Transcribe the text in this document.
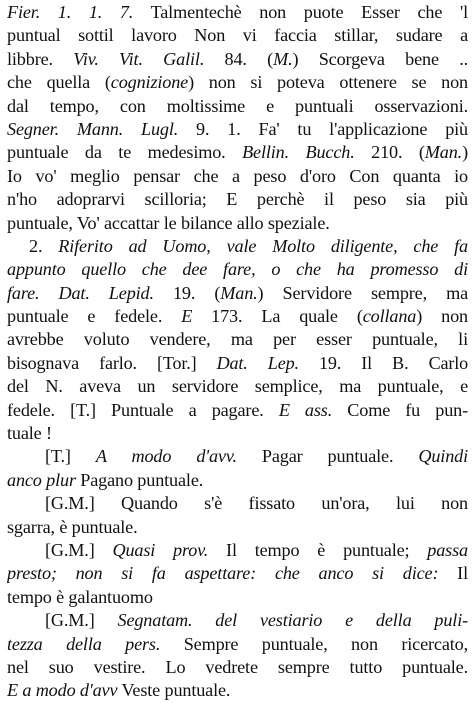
Fier. 1. 1. 7. Talmentechè non puote Esser che 'l
puntual sottil lavoro Non vi faccia stillar, sudare a
libbre. Viv. Vit. Galil. 84. (M.) Scorgeva bene ..
che quella (cognizione) non si poteva ottenere se non
dal tempo, con moltissime e puntuali osservazioni.
Segner. Mann. Lugl. 9. 1. Fa' tu l'applicazione più
puntuale da te medesimo. Bellin. Bucch. 210. (Man.)
Io vo' meglio pensar che a peso d'oro Con quanta io
n'ho adoprarvi scilloria; E perchè il peso sia più
puntuale, Vo' accattar le bilance allo speziale.
2. Riferito ad Uomo, vale Molto diligente, che fa
appunto quello che dee fare, o che ha promesso di
fare. Dat. Lepid. 19. (Man.) Servidore sempre, ma
puntuale e fedele. E 173. La quale (collana) non
avrebbe voluto vendere, ma per esser puntuale, li
bisognava farlo. [Tor.] Dat. Lep. 19. Il B. Carlo
del N. aveva un servidore semplice, ma puntuale, e
fedele. [T.] Puntuale a pagare. E ass. Come fu pun-
tuale !
[T.] A modo d'avv. Pagar puntuale. Quindi
anco plur Pagano puntuale.
[G.M.] Quando s'è fissato un'ora, lui non
sgarra, è puntuale.
[G.M.] Quasi prov. Il tempo è puntuale; passa
presto; non si fa aspettare: che anco si dice: Il
tempo è galantuomo
[G.M.] Segnatam. del vestiario e della puli-
tezza della pers. Sempre puntuale, non ricercato,
nel suo vestire. Lo vedrete sempre tutto puntuale.
E a modo d'avv Veste puntuale.
